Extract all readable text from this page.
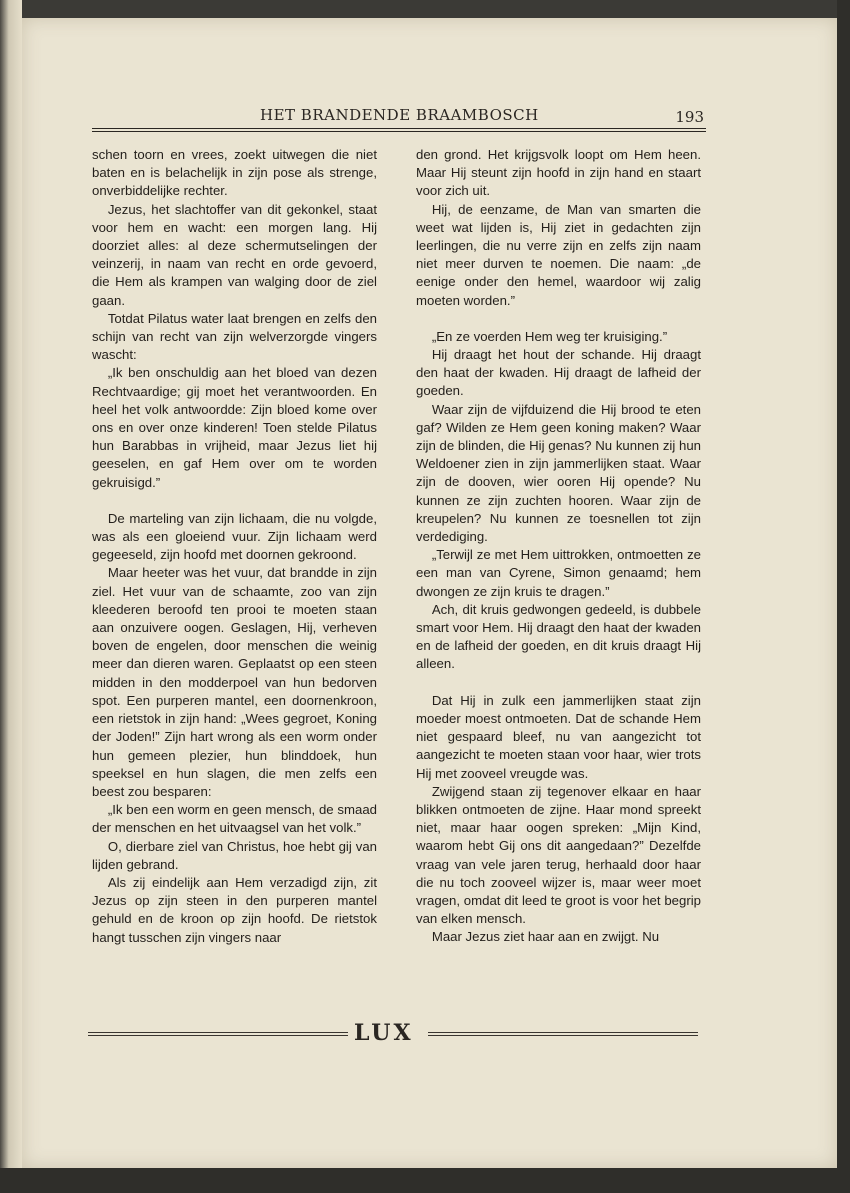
HET BRANDENDE BRAAMBOSCH	193

schen toorn en vrees, zoekt uitwegen die niet baten en is belachelijk in zijn pose als strenge, onverbiddelijke rechter.

Jezus, het slachtoffer van dit gekonkel, staat voor hem en wacht: een morgen lang. Hij doorziet alles: al deze schermutselingen der veinzerij, in naam van recht en orde gevoerd, die Hem als krampen van walging door de ziel gaan.

Totdat Pilatus water laat brengen en zelfs den schijn van recht van zijn welverzorgde vingers wascht:

„Ik ben onschuldig aan het bloed van dezen Rechtvaardige; gij moet het verantwoorden. En heel het volk antwoordde: Zijn bloed kome over ons en over onze kinderen! Toen stelde Pilatus hun Barabbas in vrijheid, maar Jezus liet hij geeselen, en gaf Hem over om te worden gekruisigd.”

De marteling van zijn lichaam, die nu volgde, was als een gloeiend vuur. Zijn lichaam werd gegeeseld, zijn hoofd met doornen gekroond.

Maar heeter was het vuur, dat brandde in zijn ziel. Het vuur van de schaamte, zoo van zijn kleederen beroofd ten prooi te moeten staan aan onzuivere oogen. Geslagen, Hij, verheven boven de engelen, door menschen die weinig meer dan dieren waren. Geplaatst op een steen midden in den modderpoel van hun bedorven spot. Een purperen mantel, een doornenkroon, een rietstok in zijn hand: „Wees gegroet, Koning der Joden!” Zijn hart wrong als een worm onder hun gemeen plezier, hun blinddoek, hun speeksel en hun slagen, die men zelfs een beest zou besparen:

„Ik ben een worm en geen mensch, de smaad der menschen en het uitvaagsel van het volk.”

O, dierbare ziel van Christus, hoe hebt gij van lijden gebrand.

Als zij eindelijk aan Hem verzadigd zijn, zit Jezus op zijn steen in den purperen mantel gehuld en de kroon op zijn hoofd. De rietstok hangt tusschen zijn vingers naar

den grond. Het krijgsvolk loopt om Hem heen. Maar Hij steunt zijn hoofd in zijn hand en staart voor zich uit.

Hij, de eenzame, de Man van smarten die weet wat lijden is, Hij ziet in gedachten zijn leerlingen, die nu verre zijn en zelfs zijn naam niet meer durven te noemen. Die naam: „de eenige onder den hemel, waardoor wij zalig moeten worden.”

„En ze voerden Hem weg ter kruisiging.”

Hij draagt het hout der schande. Hij draagt den haat der kwaden. Hij draagt de lafheid der goeden.

Waar zijn de vijfduizend die Hij brood te eten gaf? Wilden ze Hem geen koning maken? Waar zijn de blinden, die Hij genas? Nu kunnen zij hun Weldoener zien in zijn jammerlijken staat. Waar zijn de dooven, wier ooren Hij opende? Nu kunnen ze zijn zuchten hooren. Waar zijn de kreupelen? Nu kunnen ze toesnellen tot zijn verdediging.

„Terwijl ze met Hem uittrokken, ontmoetten ze een man van Cyrene, Simon genaamd; hem dwongen ze zijn kruis te dragen.”

Ach, dit kruis gedwongen gedeeld, is dubbele smart voor Hem. Hij draagt den haat der kwaden en de lafheid der goeden, en dit kruis draagt Hij alleen.

Dat Hij in zulk een jammerlijken staat zijn moeder moest ontmoeten. Dat de schande Hem niet gespaard bleef, nu van aangezicht tot aangezicht te moeten staan voor haar, wier trots Hij met zooveel vreugde was.

Zwijgend staan zij tegenover elkaar en haar blikken ontmoeten de zijne. Haar mond spreekt niet, maar haar oogen spreken: „Mijn Kind, waarom hebt Gij ons dit aangedaan?” Dezelfde vraag van vele jaren terug, herhaald door haar die nu toch zooveel wijzer is, maar weer moet vragen, omdat dit leed te groot is voor het begrip van elken mensch.

Maar Jezus ziet haar aan en zwijgt. Nu

LUX
